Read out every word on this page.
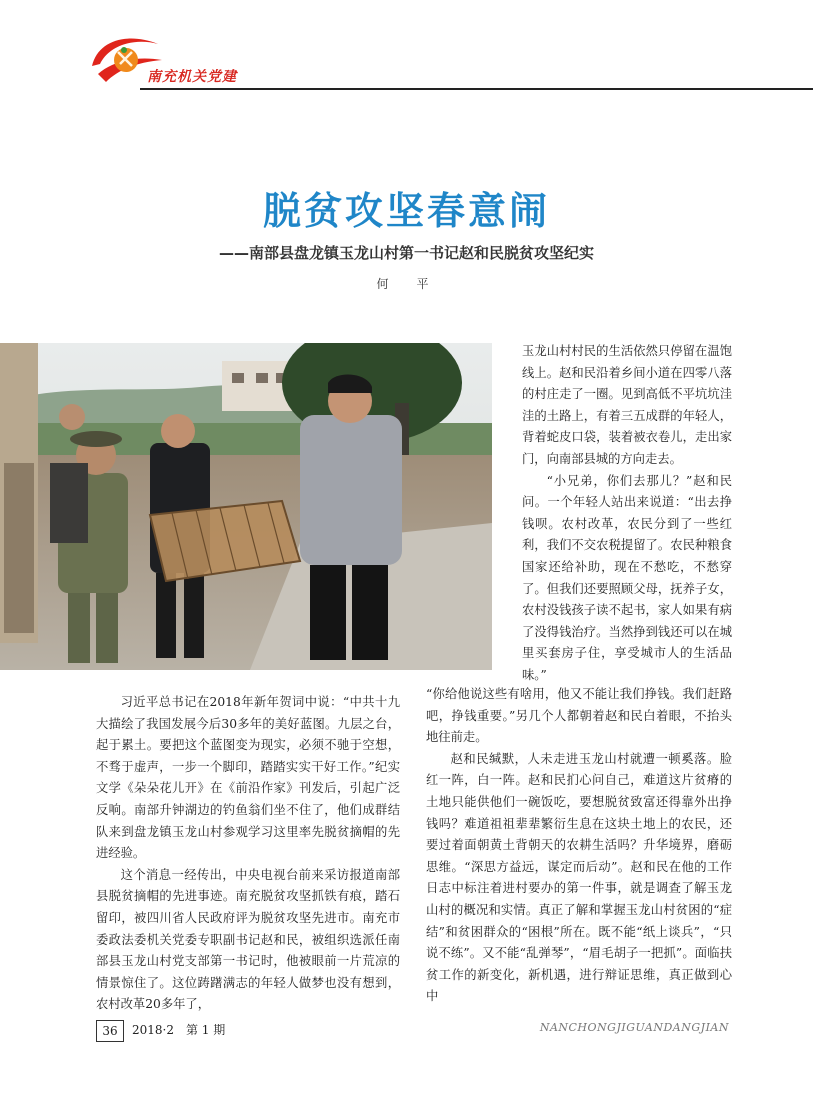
南充机关党建
脱贫攻坚春意闹
——南部县盘龙镇玉龙山村第一书记赵和民脱贫攻坚纪实
何　平

玉龙山村村民的生活依然只停留在温饱线上。赵和民沿着乡间小道在四零八落的村庄走了一圈。见到高低不平坑坑洼洼的土路上，有着三五成群的年轻人，背着蛇皮口袋，装着被衣卷儿，走出家门，向南部县城的方向走去。

“小兄弟，你们去那儿？”赵和民问。一个年轻人站出来说道：“出去挣钱呗。农村改革，农民分到了一些红利，我们不交农税提留了。农民种粮食国家还给补助，现在不愁吃，不愁穿了。但我们还要照顾父母，抚养子女，农村没钱孩子读不起书，家人如果有病了没得钱治疗。当然挣到钱还可以在城里买套房子住，享受城市人的生活品味。”

习近平总书记在2018年新年贺词中说：“中共十九大描绘了我国发展今后30多年的美好蓝图。九层之台，起于累土。要把这个蓝图变为现实，必须不驰于空想，不骛于虚声，一步一个脚印，踏踏实实干好工作。”纪实文学《朵朵花儿开》在《前沿作家》刊发后，引起广泛反响。南部升钟湖边的钓鱼翁们坐不住了，他们成群结队来到盘龙镇玉龙山村参观学习这里率先脱贫摘帽的先进经验。

这个消息一经传出，中央电视台前来采访报道南部县脱贫摘帽的先进事迹。南充脱贫攻坚抓铁有痕，踏石留印，被四川省人民政府评为脱贫攻坚先进市。南充市委政法委机关党委专职副书记赵和民，被组织选派任南部县玉龙山村党支部第一书记时，他被眼前一片荒凉的情景惊住了。这位踌躇满志的年轻人做梦也没有想到，农村改革20多年了，

“你给他说这些有啥用，他又不能让我们挣钱。我们赶路吧，挣钱重要。”另几个人都朝着赵和民白着眼，不抬头地往前走。

赵和民缄默，人未走进玉龙山村就遭一顿奚落。脸红一阵，白一阵。赵和民扪心问自己，难道这片贫瘠的土地只能供他们一碗饭吃，要想脱贫致富还得靠外出挣钱吗？难道祖祖辈辈繁衍生息在这块土地上的农民，还要过着面朝黄土背朝天的农耕生活吗？升华境界，磨砺思维。“深思方益远，谋定而后动”。赵和民在他的工作日志中标注着进村要办的第一件事，就是调查了解玉龙山村的概况和实情。真正了解和掌握玉龙山村贫困的“症结”和贫困群众的“困根”所在。既不能“纸上谈兵”，“只说不练”。又不能“乱弹琴”，“眉毛胡子一把抓”。面临扶贫工作的新变化，新机遇，进行辩证思维，真正做到心中

36	2018·2　第 1 期	NANCHONGJIGUANDANGJIAN
